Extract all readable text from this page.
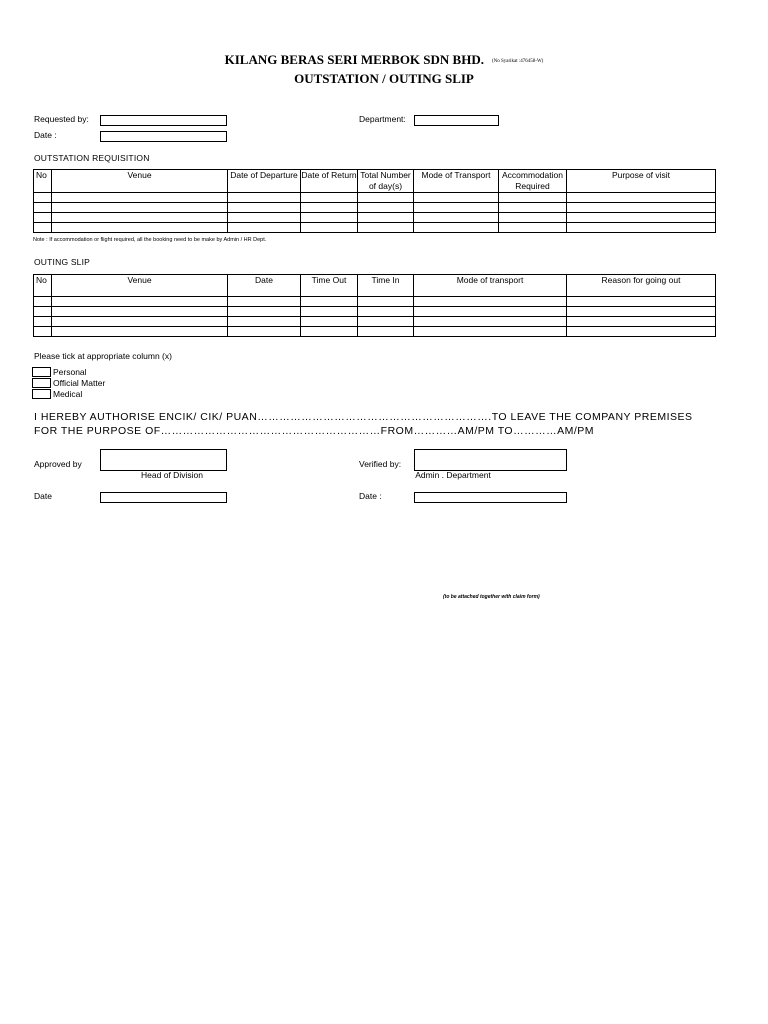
KILANG BERAS SERI MERBOK SDN BHD. (No Syarikat :476458-W)
OUTSTATION / OUTING SLIP
Requested by:	Department:
Date :
OUTSTATION REQUISITION
No	Venue	Date of Departure	Date of Return	Total Number of day(s)	Mode of Transport	Accommodation Required	Purpose of visit

Note : If accommodation or flight required, all the booking need to be make by Admin / HR Dept.
OUTING SLIP
No	Venue	Date	Time Out	Time In	Mode of transport	Reason for going out

Please tick at appropriate column (x)
Personal
Official Matter
Medical
I HEREBY AUTHORISE ENCIK/ CIK/ PUAN……………………………………………………….TO LEAVE THE COMPANY PREMISES
FOR THE PURPOSE OF……………………………………………………FROM…………AM/PM TO…………AM/PM
Approved by
Head of Division
Verified by:
Admin . Department
Date	Date :
(to be attached together with claim form)
